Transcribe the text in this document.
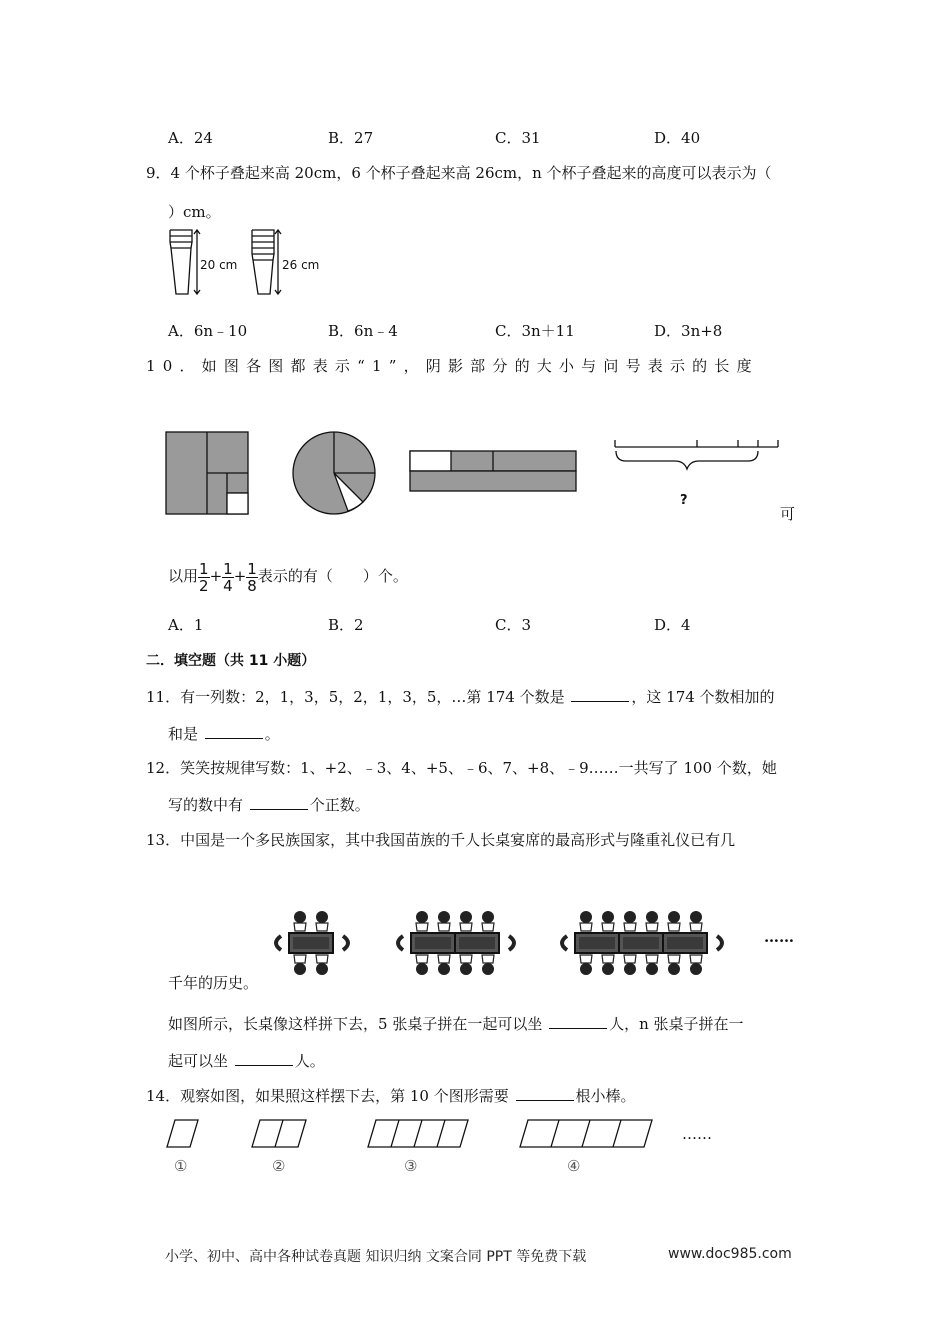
A．24	B．27	C．31	D．40
9．4 个杯子叠起来高 20cm，6 个杯子叠起来高 26cm，n 个杯子叠起来的高度可以表示为（
）cm。
20 cm	26 cm
A．6n﹣10	B．6n﹣4	C．3n＋11	D．3n+8
10．如图各图都表示“1”，阴影部分的大小与问号表示的长度
?
可
以用 $\frac{1}{2} + \frac{1}{4} + \frac{1}{8}$ 表示的有（　　）个。
A．1	B．2	C．3	D．4
二．填空题（共 11 小题）
11．有一列数：2，1，3，5，2，1，3，5，…第 174 个数是	，这 174 个数相加的
和是	。
12．笑笑按规律写数：1、+2、﹣3、4、+5、﹣6、7、+8、﹣9……一共写了 100 个数，她
写的数中有	个正数。
13．中国是一个多民族国家，其中我国苗族的千人长桌宴席的最高形式与隆重礼仪已有几
……
千年的历史。
如图所示，长桌像这样拼下去，5 张桌子拼在一起可以坐	人，n 张桌子拼在一
起可以坐	人。
14．观察如图，如果照这样摆下去，第 10 个图形需要	根小棒。
①	②	③	④
……
小学、初中、高中各种试卷真题 知识归纳 文案合同 PPT 等免费下载	www.doc985.com
